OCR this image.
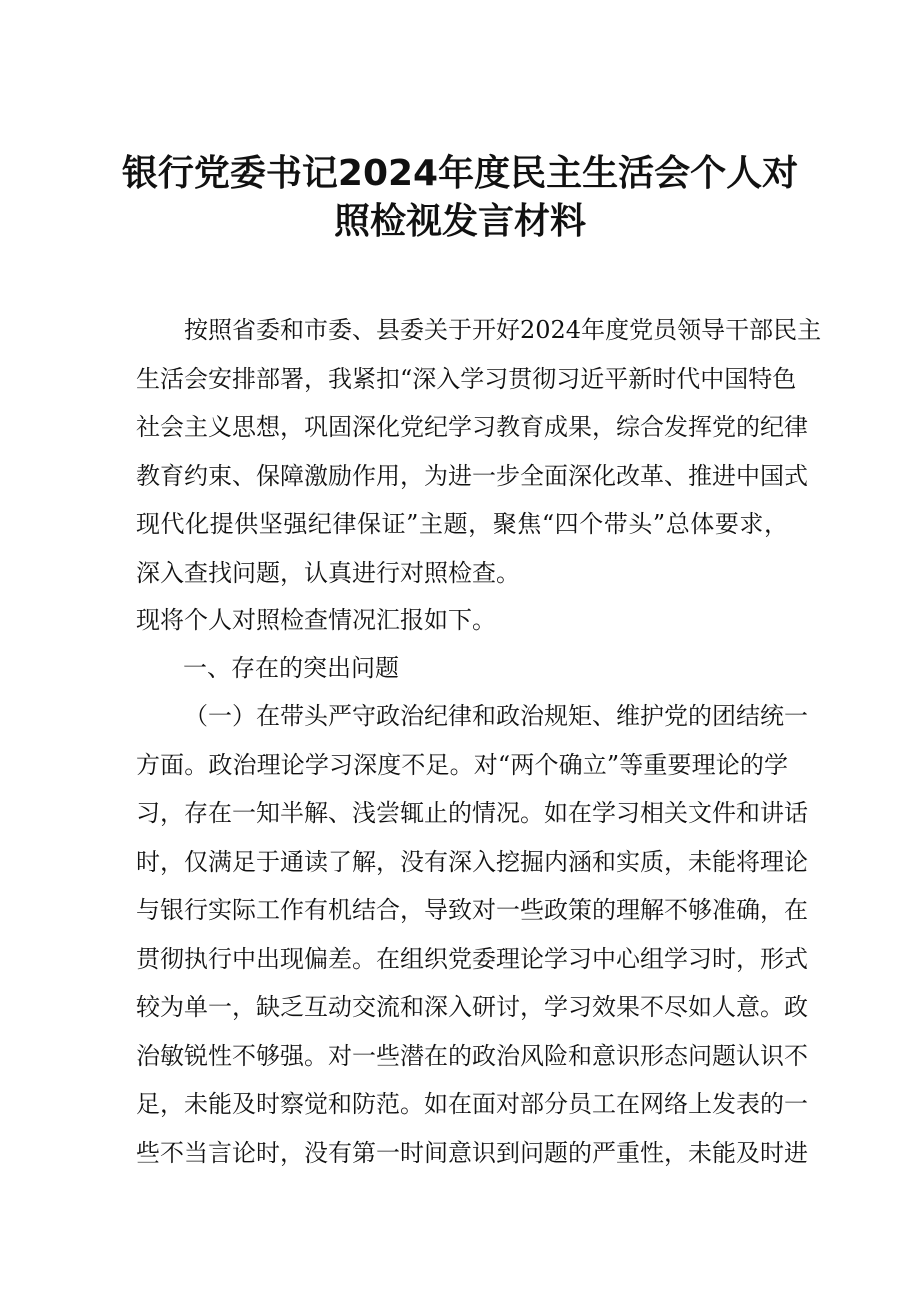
银行党委书记2024年度民主生活会个人对
照检视发言材料
按照省委和市委、县委关于开好2024年度党员领导干部民主
生活会安排部署，我紧扣“深入学习贯彻习近平新时代中国特色
社会主义思想，巩固深化党纪学习教育成果，综合发挥党的纪律
教育约束、保障激励作用，为进一步全面深化改革、推进中国式
现代化提供坚强纪律保证”主题，聚焦“四个带头”总体要求，
深入查找问题，认真进行对照检查。
现将个人对照检查情况汇报如下。
一、存在的突出问题
（一）在带头严守政治纪律和政治规矩、维护党的团结统一
方面。政治理论学习深度不足。对“两个确立”等重要理论的学
习，存在一知半解、浅尝辄止的情况。如在学习相关文件和讲话
时，仅满足于通读了解，没有深入挖掘内涵和实质，未能将理论
与银行实际工作有机结合，导致对一些政策的理解不够准确，在
贯彻执行中出现偏差。在组织党委理论学习中心组学习时，形式
较为单一，缺乏互动交流和深入研讨，学习效果不尽如人意。政
治敏锐性不够强。对一些潜在的政治风险和意识形态问题认识不
足，未能及时察觉和防范。如在面对部分员工在网络上发表的一
些不当言论时，没有第一时间意识到问题的严重性，未能及时进
